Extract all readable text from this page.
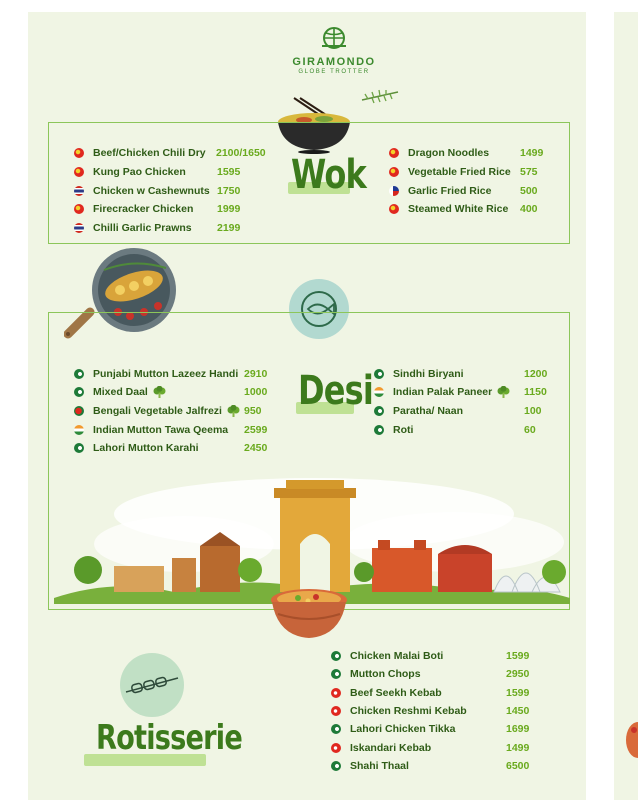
GIRAMONDO
GLOBE TROTTER
Wok
Beef/Chicken Chili Dry 2100/1650
Kung Pao Chicken	1595
Chicken w Cashewnuts 1750
Firecracker Chicken 1999
Chilli Garlic Prawns 2199
Dragon Noodles	1499
Vegetable Fried Rice 575
Garlic Fried Rice	500
Steamed White Rice 400
Desi
Punjabi Mutton Lazeez Handi 2910
Mixed Daal	1000
Bengali Vegetable Jalfrezi 950
Indian Mutton Tawa Qeema 2599
Lahori Mutton Karahi	2450
Sindhi Biryani	1200
Indian Palak Paneer	1150
Paratha/ Naan	100
Roti	60
Rotisserie
Chicken Malai Boti	1599
Mutton Chops	2950
Beef Seekh Kebab	1599
Chicken Reshmi Kebab	1450
Lahori Chicken Tikka	1699
Iskandari Kebab	1499
Shahi Thaal	6500
